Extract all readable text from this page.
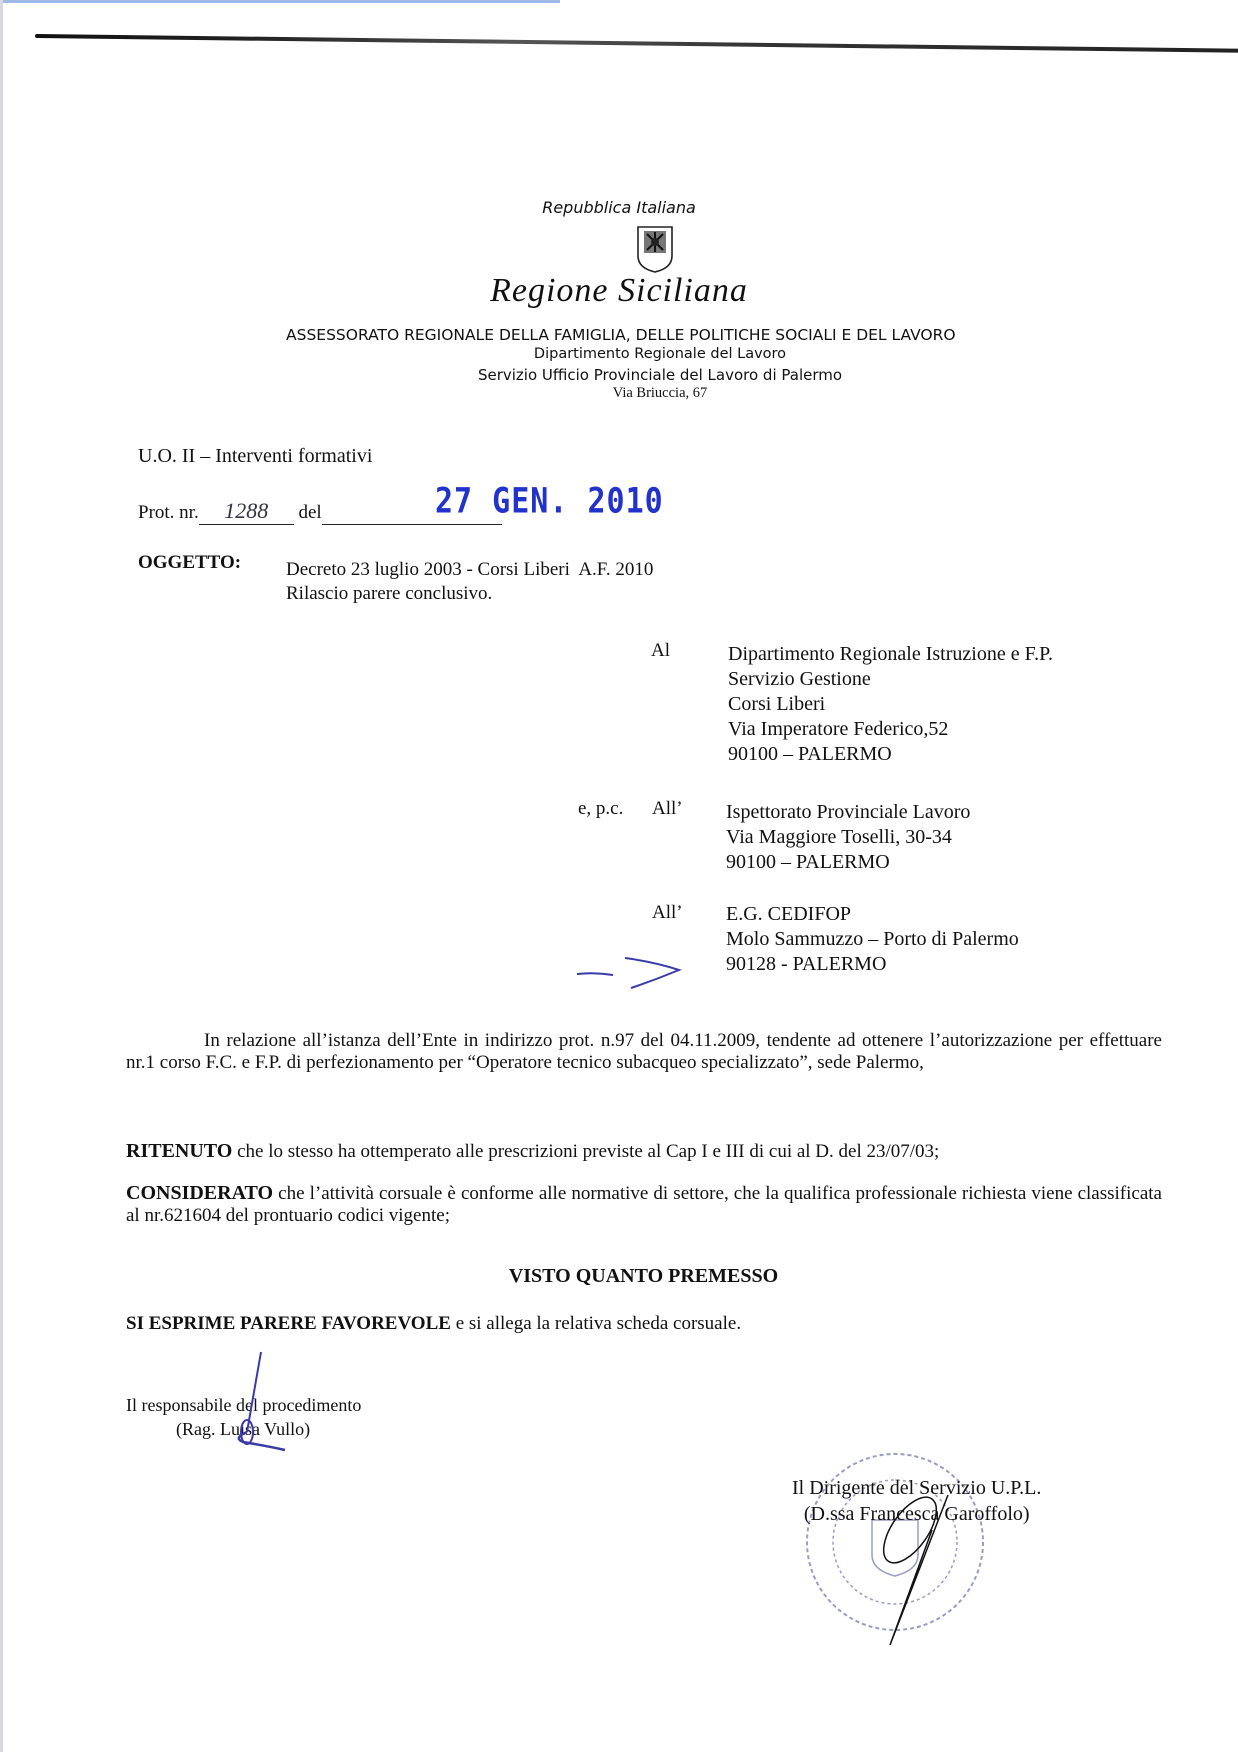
Repubblica Italiana
Regione Siciliana
ASSESSORATO REGIONALE DELLA FAMIGLIA, DELLE POLITICHE SOCIALI E DEL LAVORO
Dipartimento Regionale del Lavoro
Servizio Ufficio Provinciale del Lavoro di Palermo
Via Briuccia, 67
U.O. II – Interventi formativi
Prot. nr. 1288 del	27 GEN. 2010
OGGETTO: Decreto 23 luglio 2003 - Corsi Liberi  A.F. 2010
Rilascio parere conclusivo.
Al	Dipartimento Regionale Istruzione e F.P.
Servizio Gestione
Corsi Liberi
Via Imperatore Federico,52
90100 – PALERMO
e, p.c. All’ Ispettorato Provinciale Lavoro
Via Maggiore Toselli, 30-34
90100 – PALERMO
All’ E.G. CEDIFOP
Molo Sammuzzo – Porto di Palermo
90128 - PALERMO
In relazione all’istanza dell’Ente in indirizzo prot. n.97 del 04.11.2009, tendente ad ottenere l’autorizzazione per effettuare nr.1 corso F.C. e F.P. di perfezionamento per “Operatore tecnico subacqueo specializzato”, sede Palermo,
RITENUTO che lo stesso ha ottemperato alle prescrizioni previste al Cap I e III di cui al D. del 23/07/03;
CONSIDERATO che l’attività corsuale è conforme alle normative di settore, che la qualifica professionale richiesta viene classificata al nr.621604 del prontuario codici vigente;
VISTO QUANTO PREMESSO
SI ESPRIME PARERE FAVOREVOLE e si allega la relativa scheda corsuale.
Il responsabile del procedimento
(Rag. Luisa Vullo)
Il Dirigente del Servizio U.P.L.
(D.ssa Francesca Garoffolo)
